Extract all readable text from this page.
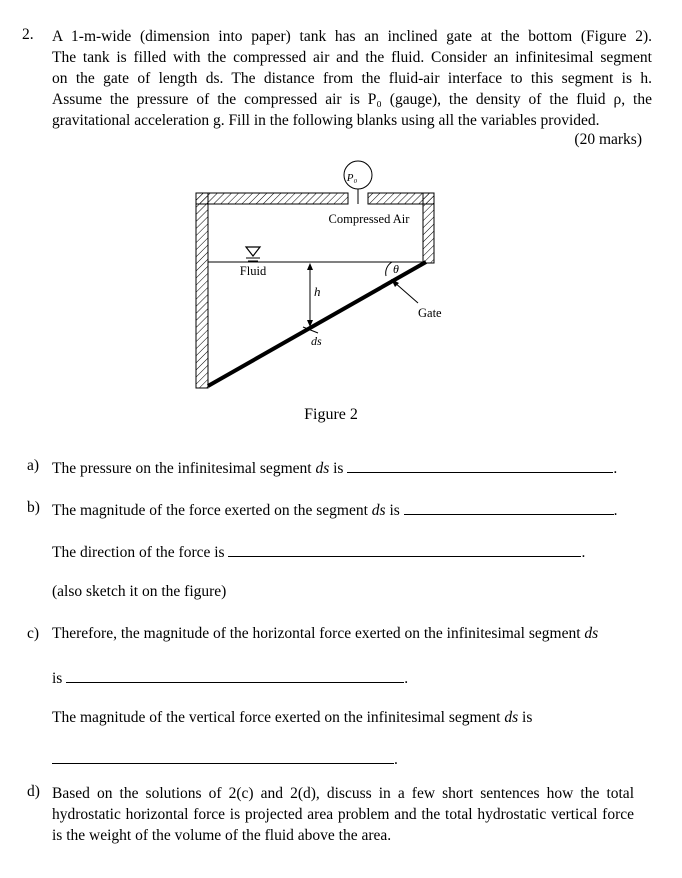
2. A 1-m-wide (dimension into paper) tank has an inclined gate at the bottom (Figure 2).
The tank is filled with the compressed air and the fluid. Consider an infinitesimal segment
on the gate of length ds. The distance from the fluid-air interface to this segment is h.
Assume the pressure of the compressed air is P₀ (gauge), the density of the fluid ρ, the
gravitational acceleration g. Fill in the following blanks using all the variables provided.
(20 marks)
P₀
Compressed Air
Fluid
h
ds
θ
Gate
Figure 2
a) The pressure on the infinitesimal segment ds is	.
b) The magnitude of the force exerted on the segment ds is	.
The direction of the force is	.
(also sketch it on the figure)
c) Therefore, the magnitude of the horizontal force exerted on the infinitesimal segment ds
is	.
The magnitude of the vertical force exerted on the infinitesimal segment ds is
.
d) Based on the solutions of 2(c) and 2(d), discuss in a few short sentences how the total hydrostatic horizontal force is projected area problem and the total hydrostatic vertical force is the weight of the volume of the fluid above the area.
